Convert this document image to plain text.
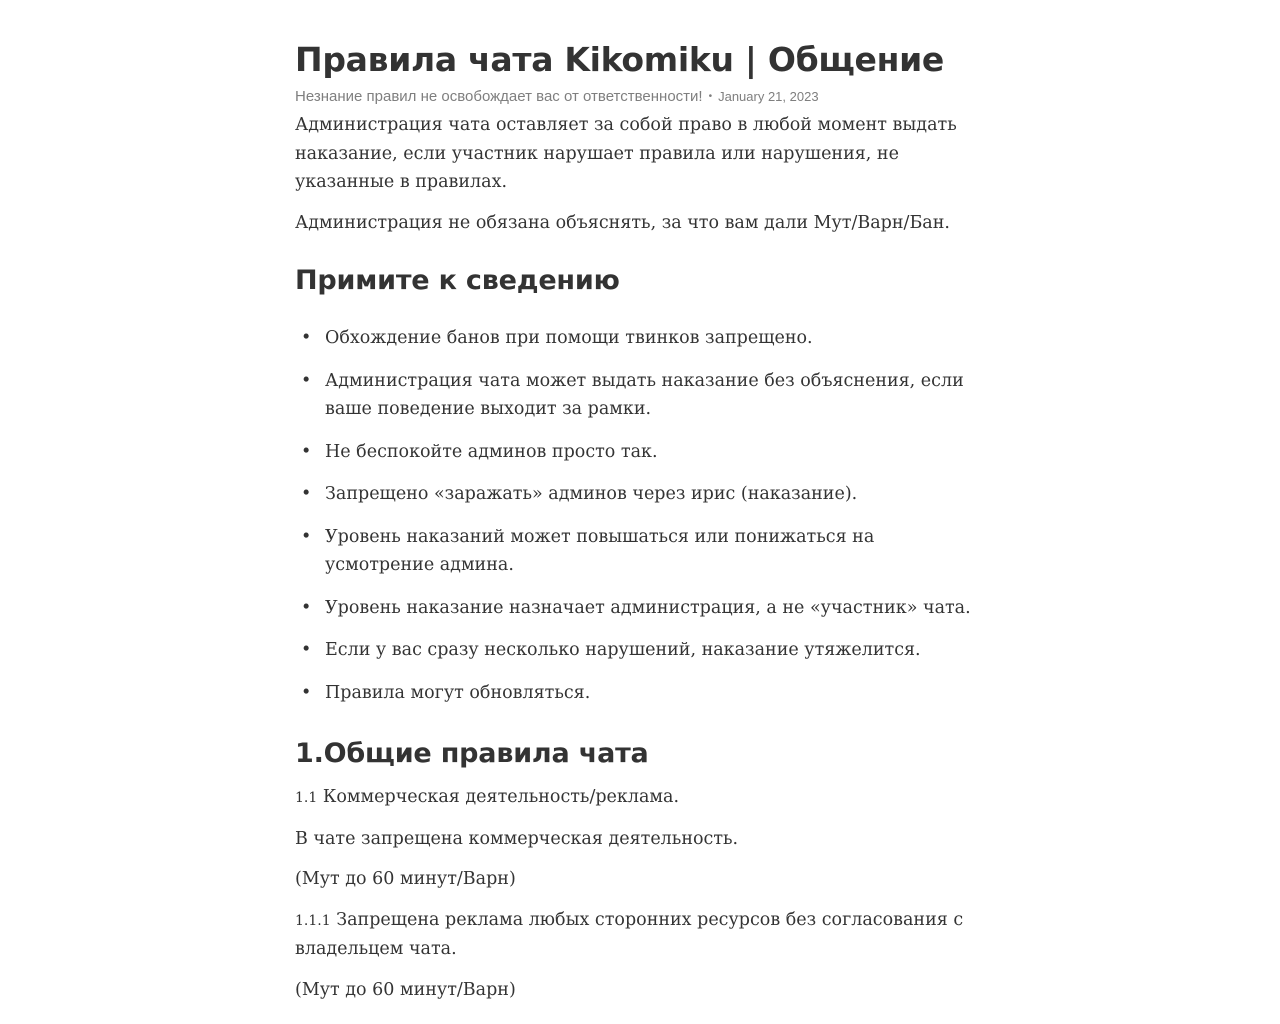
Правила чата Kikomiku | Общение
Незнание правил не освобождает вас от ответственности! • January 21, 2023

Администрация чата оставляет за собой право в любой момент выдать наказание, если участник нарушает правила или нарушения, не указанные в правилах.

Администрация не обязана объяснять, за что вам дали Мут/Варн/Бан.

Примите к сведению
• Обхождение банов при помощи твинков запрещено.
• Администрация чата может выдать наказание без объяснения, если ваше поведение выходит за рамки.
• Не беспокойте админов просто так.
• Запрещено «заражать» админов через ирис (наказание).
• Уровень наказаний может повышаться или понижаться на усмотрение админа.
• Уровень наказание назначает администрация, а не «участник» чата.
• Если у вас сразу несколько нарушений, наказание утяжелится.
• Правила могут обновляться.
1.Общие правила чата

1.1 Коммерческая деятельность/реклама.

В чате запрещена коммерческая деятельность.

(Мут до 60 минут/Варн)

1.1.1 Запрещена реклама любых сторонних ресурсов без согласования с владельцем чата.

(Мут до 60 минут/Варн)
